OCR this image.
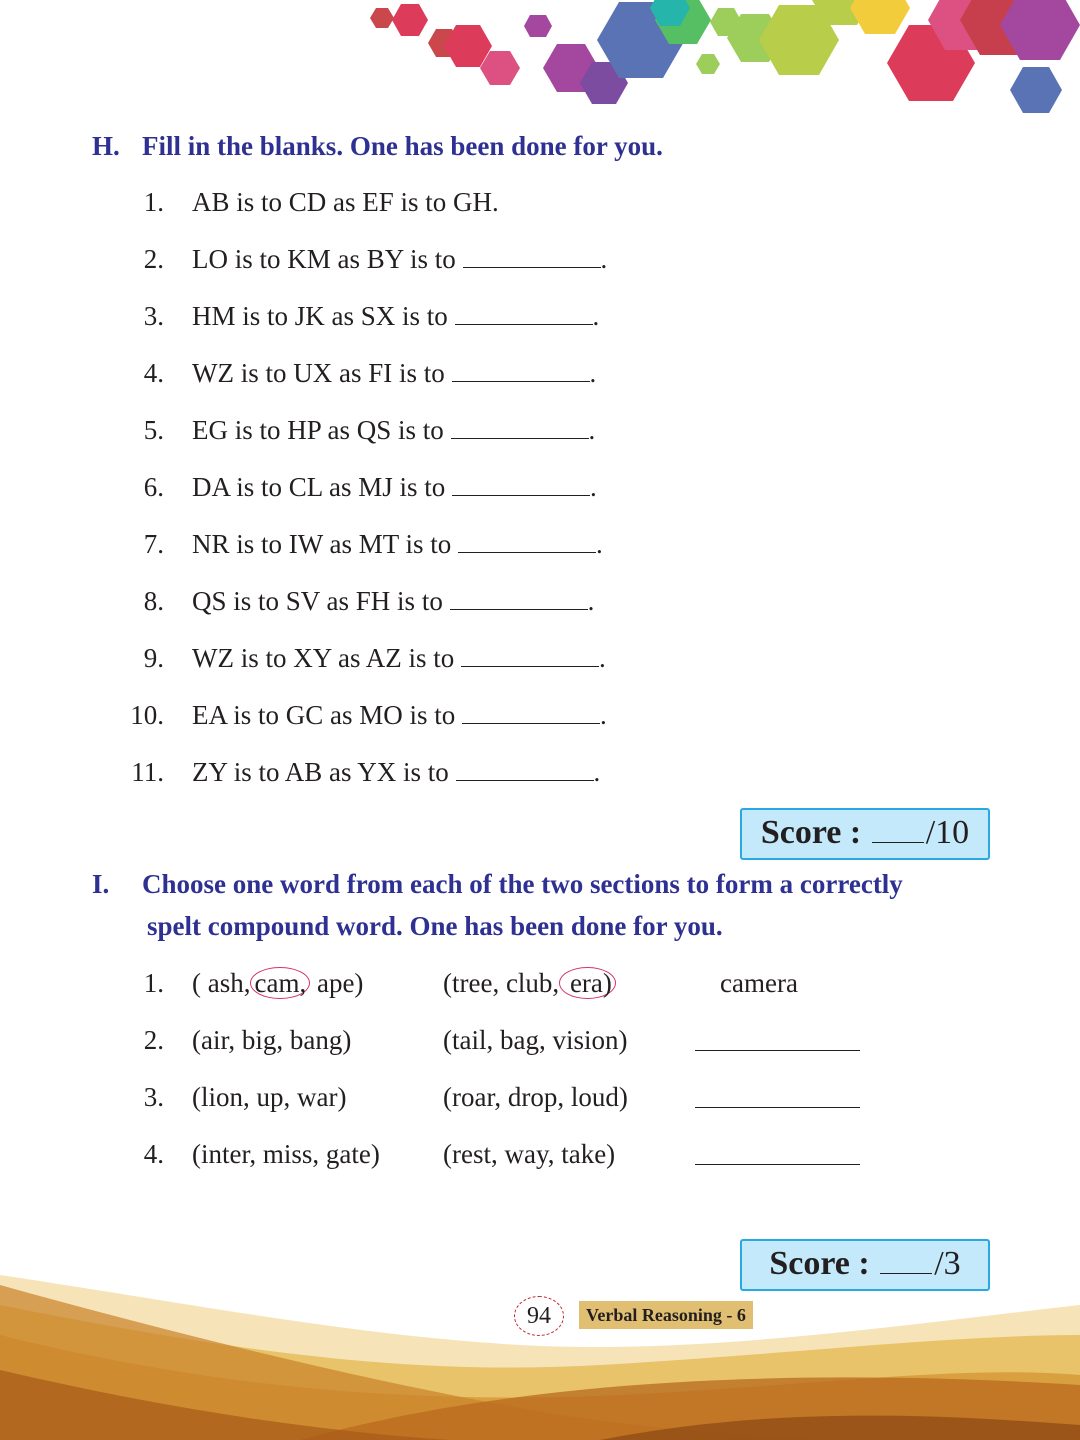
H. Fill in the blanks. One has been done for you.
1. AB is to CD as EF is to GH.
2. LO is to KM as BY is to	.
3. HM is to JK as SX is to	.
4. WZ is to UX as FI is to	.
5. EG is to HP as QS is to	.
6. DA is to CL as MJ is to	.
7. NR is to IW as MT is to	.
8. QS is to SV as FH is to	.
9. WZ is to XY as AZ is to	.
10. EA is to GC as MO is to	.
11. ZY is to AB as YX is to	.
Score : /10
I. Choose one word from each of the two sections to form a correctly
spelt compound word. One has been done for you.
1. ( ash, cam, ape)	(tree, club, era)	camera
2. (air, big, bang)	(tail, bag, vision)
3. (lion, up, war)	(roar, drop, loud)
4. (inter, miss, gate) (rest, way, take)
Score : /3
94	Verbal Reasoning - 6
